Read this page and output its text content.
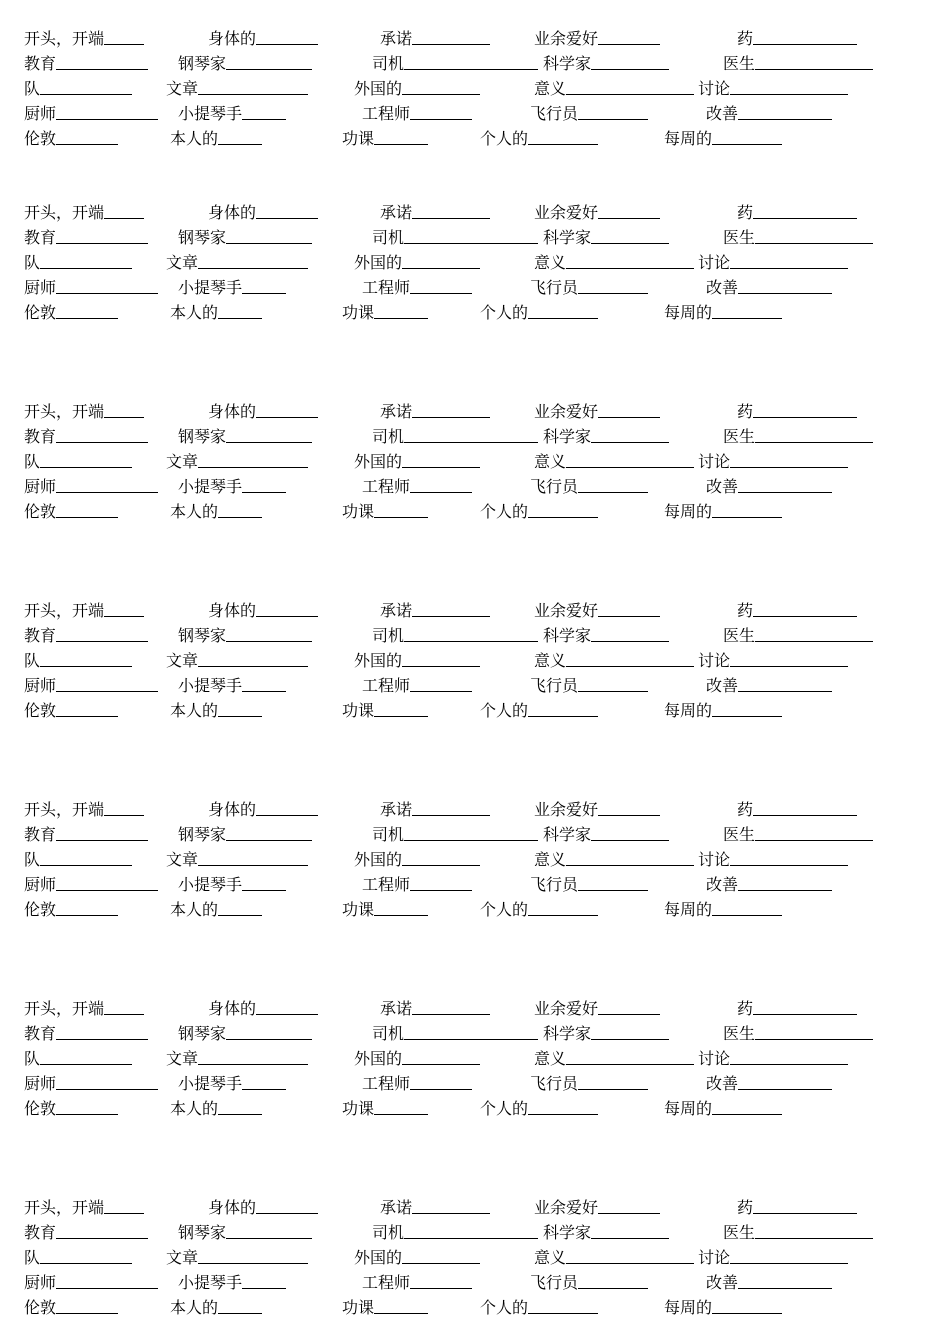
开头，开端	身体的	承诺	业余爱好	药
教育	钢琴家	司机	科学家	医生
队	文章	外国的	意义	讨论
厨师	小提琴手	工程师	飞行员	改善
伦敦	本人的	功课	个人的	每周的
开头，开端	身体的	承诺	业余爱好	药
教育	钢琴家	司机	科学家	医生
队	文章	外国的	意义	讨论
厨师	小提琴手	工程师	飞行员	改善
伦敦	本人的	功课	个人的	每周的
开头，开端	身体的	承诺	业余爱好	药
教育	钢琴家	司机	科学家	医生
队	文章	外国的	意义	讨论
厨师	小提琴手	工程师	飞行员	改善
伦敦	本人的	功课	个人的	每周的
开头，开端	身体的	承诺	业余爱好	药
教育	钢琴家	司机	科学家	医生
队	文章	外国的	意义	讨论
厨师	小提琴手	工程师	飞行员	改善
伦敦	本人的	功课	个人的	每周的
开头，开端	身体的	承诺	业余爱好	药
教育	钢琴家	司机	科学家	医生
队	文章	外国的	意义	讨论
厨师	小提琴手	工程师	飞行员	改善
伦敦	本人的	功课	个人的	每周的
开头，开端	身体的	承诺	业余爱好	药
教育	钢琴家	司机	科学家	医生
队	文章	外国的	意义	讨论
厨师	小提琴手	工程师	飞行员	改善
伦敦	本人的	功课	个人的	每周的
开头，开端	身体的	承诺	业余爱好	药
教育	钢琴家	司机	科学家	医生
队	文章	外国的	意义	讨论
厨师	小提琴手	工程师	飞行员	改善
伦敦	本人的	功课	个人的	每周的
